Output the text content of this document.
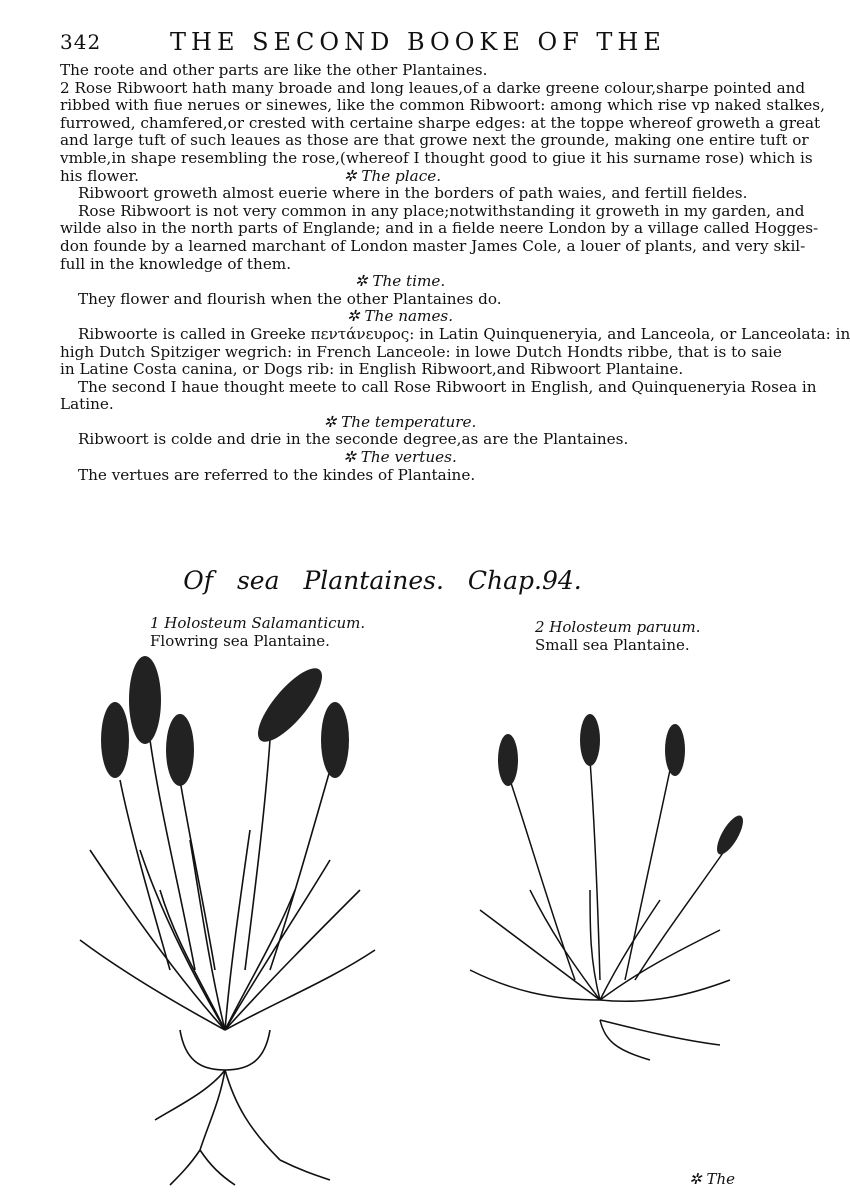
342	THE SECOND BOOKE OF THE
The roote and other parts are like the other Plantaines.
2 Rose Ribwoort hath many broade and long leaues,of a darke greene colour,sharpe pointed and
ribbed with fiue nerues or sinewes, like the common Ribwoort: among which rise vp naked stalkes,
furrowed, chamfered,or crested with certaine sharpe edges: at the toppe whereof groweth a great
and large tuft of such leaues as those are that growe next the grounde, making one entire tuft or
vmble,in shape resembling the rose,(whereof I thought good to giue it his surname rose) which is
his flower.	✲ The place.
Ribwoort groweth almost euerie where in the borders of path waies, and fertill fieldes.
Rose Ribwoort is not very common in any place;notwithstanding it groweth in my garden, and
wilde also in the north parts of Englande; and in a fielde neere London by a village called Hogges-
don founde by a learned marchant of London master James Cole, a louer of plants, and very skil-
full in the knowledge of them.
✲ The time.
They flower and flourish when the other Plantaines do.
✲ The names.
Ribwoorte is called in Greeke πεντάνευρος: in Latin Quinquenerуia, and Lanceola, or Lanceolata: in
high Dutch Spitziger wegrich: in French Lanceole: in lowe Dutch Hondts ribbe, that is to saie
in Latine Costa canina, or Dogs rib: in English Ribwoort,and Ribwoort Plantaine.
The second I haue thought meete to call Rose Ribwoort in English, and Quinquenerуia Rosea in
Latine.
✲ The temperature.
Ribwoort is colde and drie in the seconde degree,as are the Plantaines.
✲ The vertues.
The vertues are referred to the kindes of Plantaine.
Of sea Plantaines. Chap.94.
1 Holosteum Salamanticum.
Flowring sea Plantaine.
2 Holosteum paruum.
Small sea Plantaine.
✲ The
